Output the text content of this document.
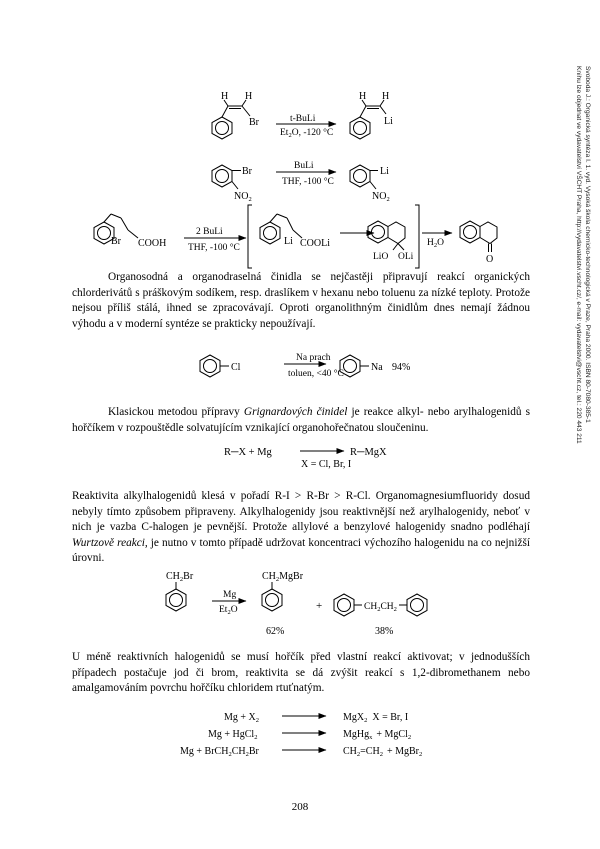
H H
Br	t-BuLi
$Et_2O$, -120 °C
H H
Li
Br
$NO_2$
BuLi
THF, -100 °C
Li
$NO_2$
Br COOH
2 BuLi
THF, -100 °C
Li COOLi
LiO OLi
$H_2O$
O
Cl
Na prach
toluen, <40 °C
Na 94%
R─X + Mg	R─MgX
X = Cl, Br, I
$CH_2Br$
Mg
$Et_2O$
$CH_2MgBr$
+	$CH_2CH_2$
62%	38%
$Mg + X_2$	MgX$_2$ X = Br, I
Mg + HgCl$_2$	MgHg$_x$ + MgCl$_2$
$Mg + BrCH_2CH_2Br$	$CH_2=CH_2$ + MgBr$_2$

Organosodná a organodraselná činidla se nejčastěji připravují reakcí organických chlorderivátů s práškovým sodíkem, resp. draslíkem v hexanu nebo toluenu za nízké teploty. Protože nejsou příliš stálá, ihned se zpracovávají. Oproti organolithným činidlům dnes nemají žádnou výhodu a v moderní syntéze se prakticky nepoužívají.

Klasickou metodou přípravy Grignardových činidel je reakce alkyl- nebo arylhalogenidů s hořčíkem v rozpouštědle solvatujícím vznikající organohořečnatou sloučeninu.

Reaktivita alkylhalogenidů klesá v pořadí R-I > R-Br > R-Cl. Organomagnesiumfluoridy dosud nebyly tímto způsobem připraveny. Alkylhalogenidy jsou reaktivnější než arylhalogenidy, neboť v nich je vazba C-halogen je pevnější. Protože allylové a benzylové halogenidy snadno podléhají Wurtzově reakci, je nutno v tomto případě udržovat koncentraci výchozího halogenidu na co nejnižší úrovni.

U méně reaktivních halogenidů se musí hořčík před vlastní reakcí aktivovat; v jednodušších případech postačuje jod či brom, reaktivita se dá zvýšit reakcí s 1,2-dibromethanem nebo amalgamováním povrchu hořčíku chloridem rtuťnatým.

Svoboda J.: Organická syntéza I. 1. vyd. Vysoká škola chemicko-technologická v Praze, Praha 2000. ISBN 80-7080-385-1
Knihu lze objednat ve vydavatelství VŠCHT Praha, http://vydavatelstvi.vscht.cz/, e-mail: vydavatelstvi@vscht.cz, tel.: 220 443 211
208
